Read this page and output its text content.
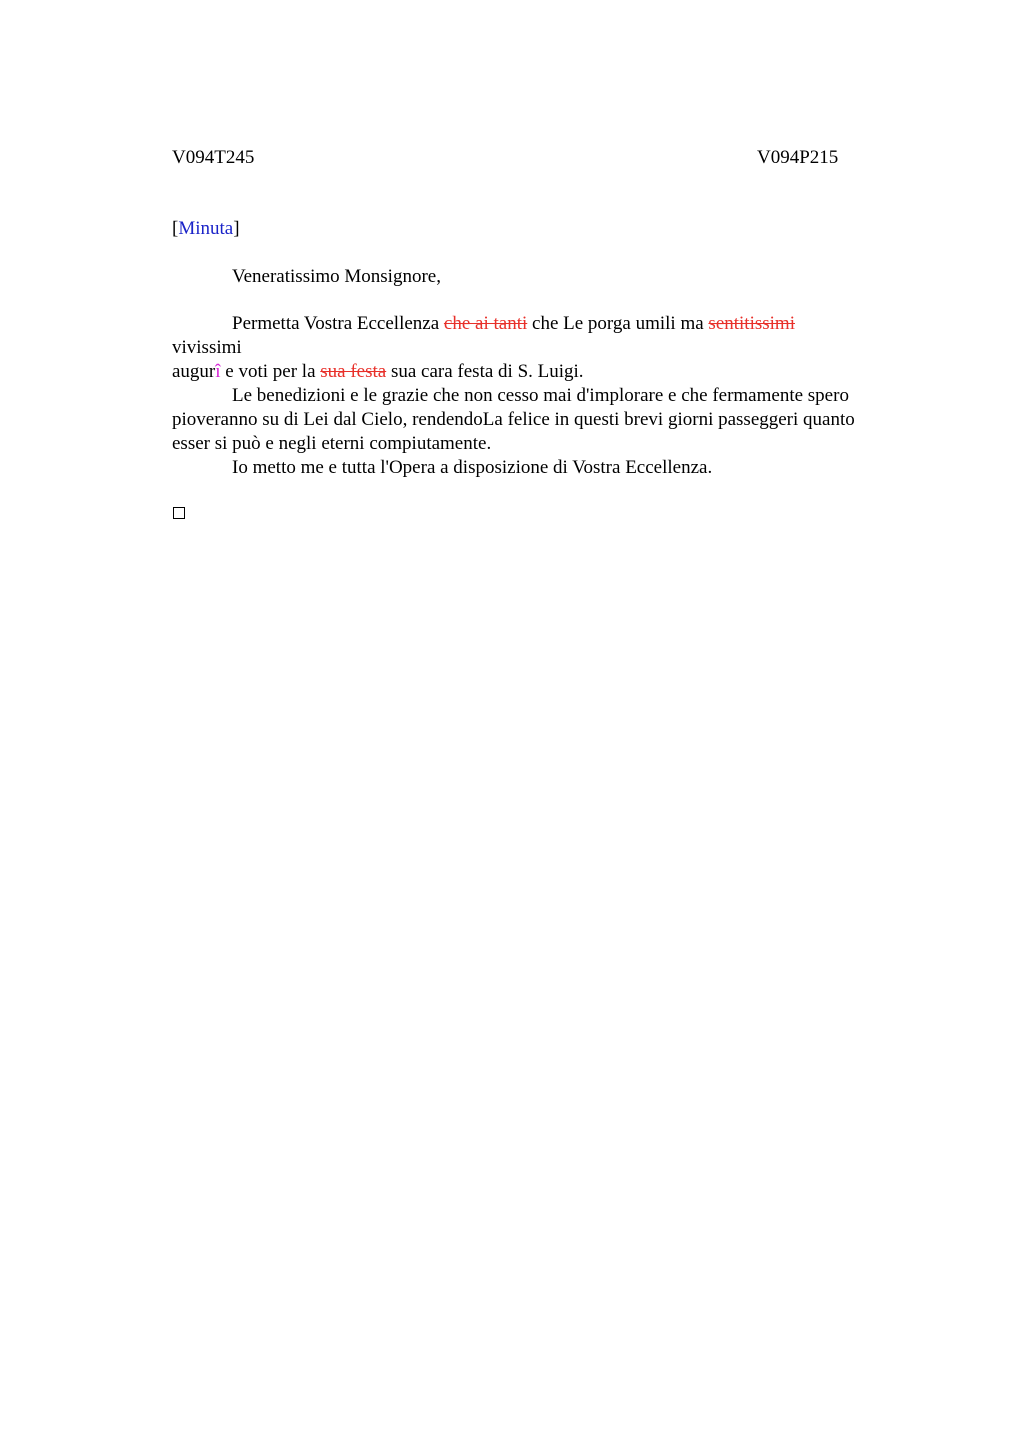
V094T245	V094P215
[Minuta]
Veneratissimo Monsignore,
Permetta Vostra Eccellenza che ai tanti che Le porga umili ma sentitissimi
vivissimi
augurî e voti per la sua festa sua cara festa di S. Luigi.
Le benedizioni e le grazie che non cesso mai d'implorare e che fermamente spero
pioveranno su di Lei dal Cielo, rendendoLa felice in questi brevi giorni passeggeri quanto
esser si può e negli eterni compiutamente.
Io metto me e tutta l'Opera a disposizione di Vostra Eccellenza.
